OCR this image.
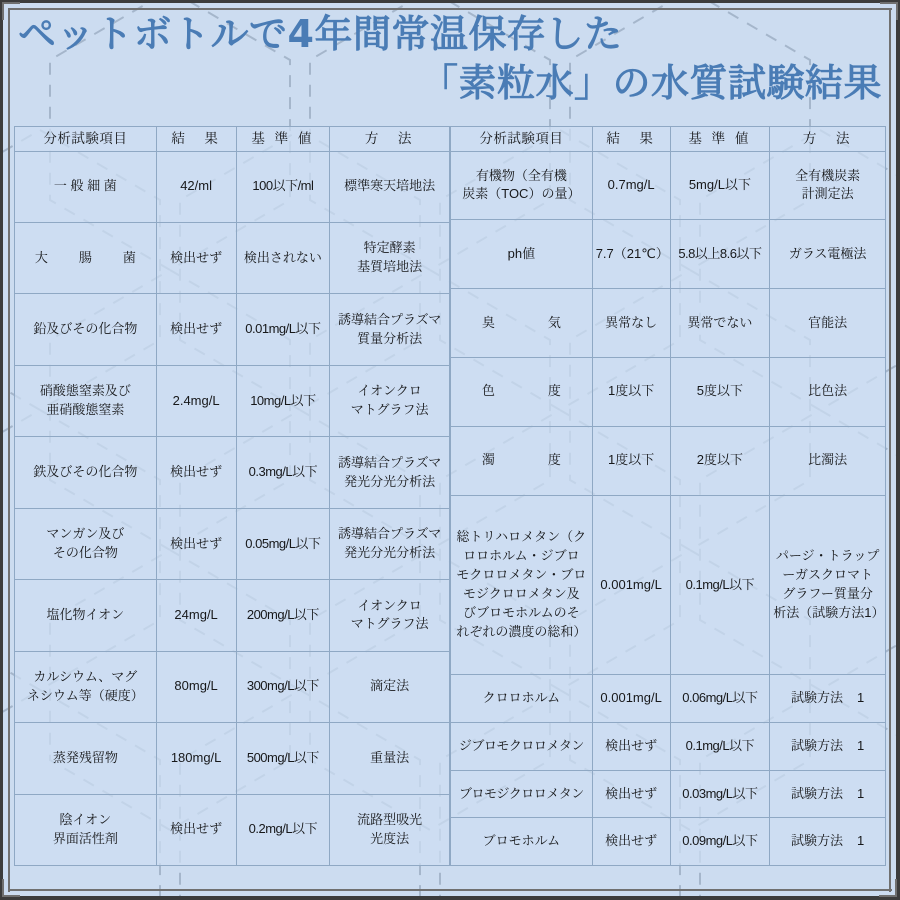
ペットボトルで4年間常温保存した
「素粒水」の水質試験結果
分析試験項目	結　果	基 準 値	方　法
一 般 細 菌	42/ml	100以下/ml	標準寒天培地法
大　腸　菌	検出せず	検出されない	特定酵素
基質培地法
鉛及びその化合物	検出せず	0.01mg/L以下	誘導結合プラズマ
質量分析法
硝酸態窒素及び
亜硝酸態窒素	2.4mg/L	10mg/L以下	イオンクロ
マトグラフ法
鉄及びその化合物	検出せず	0.3mg/L以下	誘導結合プラズマ
発光分光分析法
マンガン及び
その化合物	検出せず	0.05mg/L以下	誘導結合プラズマ
発光分光分析法
塩化物イオン	24mg/L	200mg/L以下	イオンクロ
マトグラフ法
カルシウム、マグ
ネシウム等（硬度）	80mg/L	300mg/L以下	滴定法
蒸発残留物	180mg/L	500mg/L以下	重量法
陰イオン
界面活性剤	検出せず	0.2mg/L以下	流路型吸光
光度法
分析試験項目	結　果	基 準 値	方　法
有機物（全有機
炭素（TOC）の量）	0.7mg/L	5mg/L以下	全有機炭素
計測定法
ph値	7.7（21℃）	5.8以上8.6以下	ガラス電極法
臭　　気	異常なし	異常でない	官能法
色　　度	1度以下	5度以下	比色法
濁　　度	1度以下	2度以下	比濁法
総トリハロメタン（ク
ロロホルム・ジブロ
モクロロメタン・ブロ
モジクロロメタン及
びブロモホルムのそ
れぞれの濃度の総和）	0.001mg/L	0.1mg/L以下	パージ・トラップ
ーガスクロマト
グラフー質量分
析法（試験方法1）
クロロホルム	0.001mg/L	0.06mg/L以下	試験方法 1
ジブロモクロロメタン	検出せず	0.1mg/L以下	試験方法 1
ブロモジクロロメタン	検出せず	0.03mg/L以下	試験方法 1
ブロモホルム	検出せず	0.09mg/L以下	試験方法 1
